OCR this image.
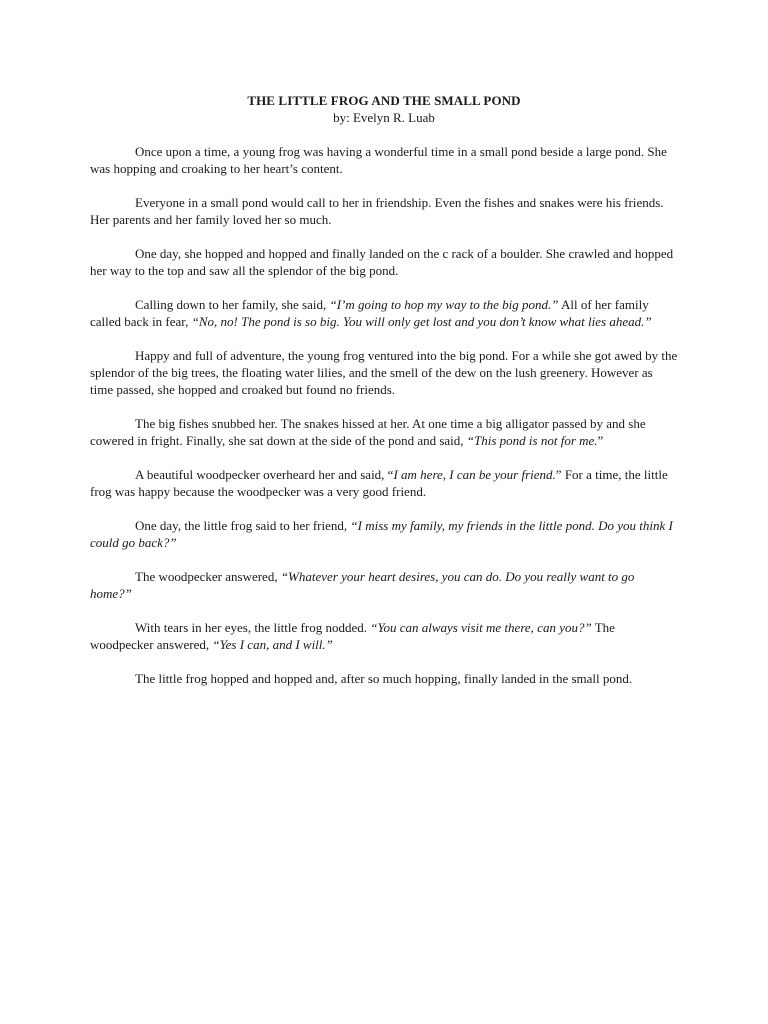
THE LITTLE FROG AND THE SMALL POND
by: Evelyn R. Luab

Once upon a time, a young frog was having a wonderful time in a small pond beside a large pond. She was hopping and croaking to her heart’s content.

Everyone in a small pond would call to her in friendship. Even the fishes and snakes were his friends. Her parents and her family loved her so much.

One day, she hopped and hopped and finally landed on the c rack of a boulder. She crawled and hopped her way to the top and saw all the splendor of the big pond.

Calling down to her family, she said, “I’m going to hop my way to the big pond.” All of her family called back in fear, “No, no! The pond is so big. You will only get lost and you don’t know what lies ahead.”

Happy and full of adventure, the young frog ventured into the big pond. For a while she got awed by the splendor of the big trees, the floating water lilies, and the smell of the dew on the lush greenery. However as time passed, she hopped and croaked but found no friends.

The big fishes snubbed her. The snakes hissed at her. At one time a big alligator passed by and she cowered in fright. Finally, she sat down at the side of the pond and said, “This pond is not for me.”

A beautiful woodpecker overheard her and said, “I am here, I can be your friend.” For a time, the little frog was happy because the woodpecker was a very good friend.

One day, the little frog said to her friend, “I miss my family, my friends in the little pond. Do you think I could go back?”

The woodpecker answered, “Whatever your heart desires, you can do. Do you really want to go home?”

With tears in her eyes, the little frog nodded. “You can always visit me there, can you?” The woodpecker answered, “Yes I can, and I will.”

The little frog hopped and hopped and, after so much hopping, finally landed in the small pond.
